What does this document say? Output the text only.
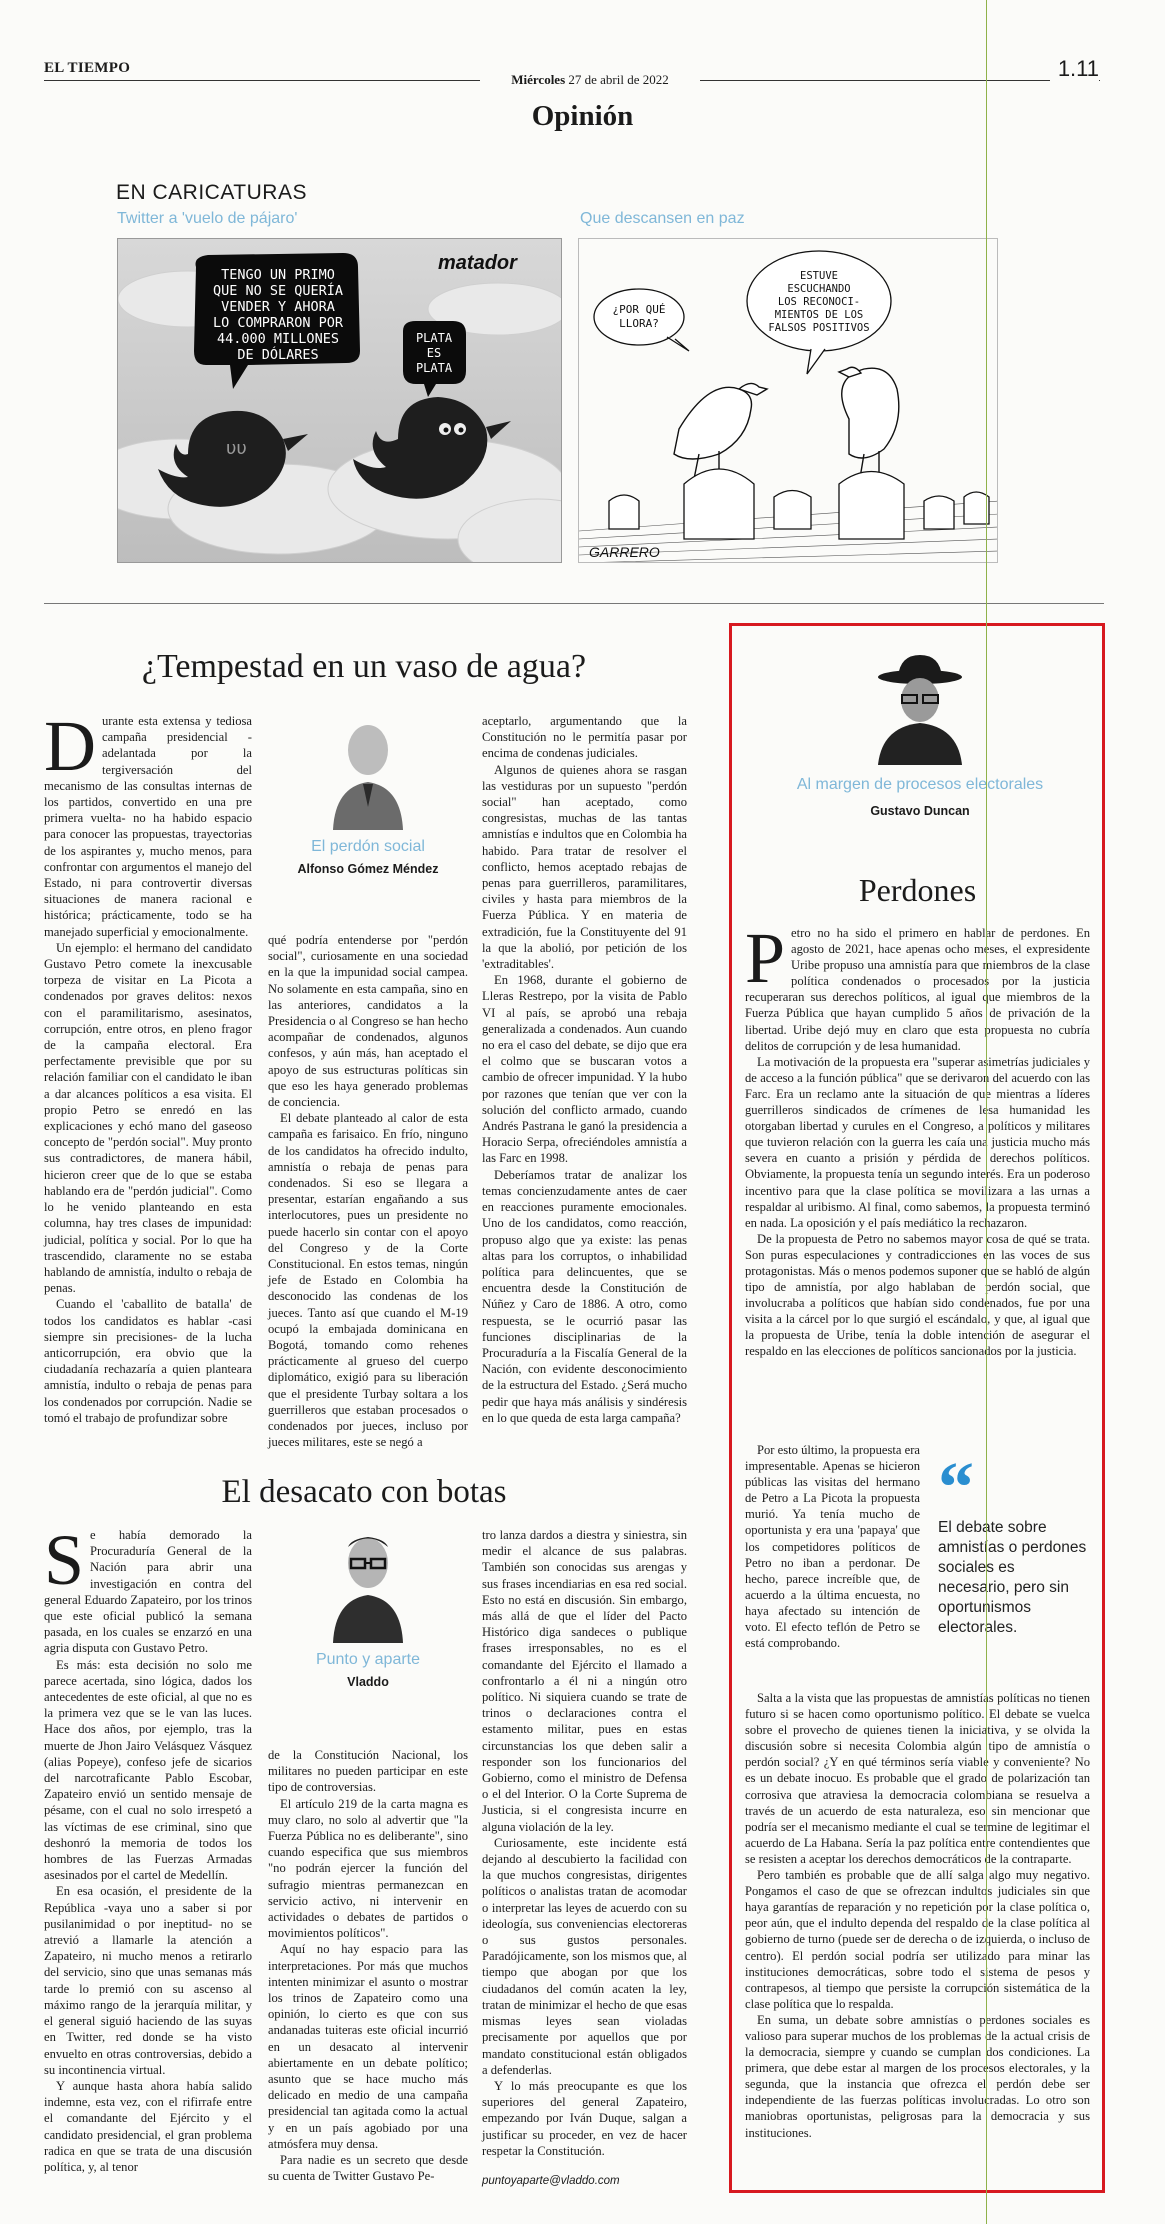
EL TIEMPO
Miércoles 27 de abril de 2022	1.11
Opinión
EN CARICATURAS
Twitter a 'vuelo de pájaro'	Que descansen en paz
TENGO UN PRIMO
QUE NO SE QUERÍA
VENDER Y AHORA
LO COMPRARON POR
44.000 MILLONES
DE DÓLARES
matador
PLATA
ES
PLATA
υυ
¿POR QUÉ
LLORA?
ESTUVE
ESCUCHANDO
LOS RECONOCI-
MIENTOS DE LOS
FALSOS POSITIVOS
GARRERO
¿Tempestad en un vaso de agua?
D urante esta extensa y tediosa campaña presidencial -adelantada por la tergiversación del mecanismo de las consultas internas de los partidos, convertido en una pre primera vuelta- no ha habido espacio para conocer las propuestas, trayectorias de los aspirantes y, mucho menos, para confrontar con argumentos el manejo del Estado, ni para controvertir diversas situaciones de manera racional e histórica; prácticamente, todo se ha manejado superficial y emocionalmente.

Un ejemplo: el hermano del candidato Gustavo Petro comete la inexcusable torpeza de visitar en La Picota a condenados por graves delitos: nexos con el paramilitarismo, asesinatos, corrupción, entre otros, en pleno fragor de la campaña electoral. Era perfectamente previsible que por su relación familiar con el candidato le iban a dar alcances políticos a esa visita. El propio Petro se enredó en las explicaciones y echó mano del gaseoso concepto de "perdón social". Muy pronto sus contradictores, de manera hábil, hicieron creer que de lo que se estaba hablando era de "perdón judicial". Como lo he venido planteando en esta columna, hay tres clases de impunidad: judicial, política y social. Por lo que ha trascendido, claramente no se estaba hablando de amnistía, indulto o rebaja de penas.

Cuando el 'caballito de batalla' de todos los candidatos es hablar -casi siempre sin precisiones- de la lucha anticorrupción, era obvio que la ciudadanía rechazaría a quien planteara amnistía, indulto o rebaja de penas para los condenados por corrupción. Nadie se tomó el trabajo de profundizar sobre

El perdón social
Alfonso Gómez Méndez

qué podría entenderse por "perdón social", curiosamente en una sociedad en la que la impunidad social campea. No solamente en esta campaña, sino en las anteriores, candidatos a la Presidencia o al Congreso se han hecho acompañar de condenados, algunos confesos, y aún más, han aceptado el apoyo de sus estructuras políticas sin que eso les haya generado problemas de conciencia.

El debate planteado al calor de esta campaña es farisaico. En frío, ninguno de los candidatos ha ofrecido indulto, amnistía o rebaja de penas para condenados. Si eso se llegara a presentar, estarían engañando a sus interlocutores, pues un presidente no puede hacerlo sin contar con el apoyo del Congreso y de la Corte Constitucional. En estos temas, ningún jefe de Estado en Colombia ha desconocido las condenas de los jueces. Tanto así que cuando el M-19 ocupó la embajada dominicana en Bogotá, tomando como rehenes prácticamente al grueso del cuerpo diplomático, exigió para su liberación que el presidente Turbay soltara a los guerrilleros que estaban procesados o condenados por jueces, incluso por jueces militares, este se negó a

aceptarlo, argumentando que la Constitución no le permitía pasar por encima de condenas judiciales.

Algunos de quienes ahora se rasgan las vestiduras por un supuesto "perdón social" han aceptado, como congresistas, muchas de las tantas amnistías e indultos que en Colombia ha habido. Para tratar de resolver el conflicto, hemos aceptado rebajas de penas para guerrilleros, paramilitares, civiles y hasta para miembros de la Fuerza Pública. Y en materia de extradición, fue la Constituyente del 91 la que la abolió, por petición de los 'extraditables'.

En 1968, durante el gobierno de Lleras Restrepo, por la visita de Pablo VI al país, se aprobó una rebaja generalizada a condenados. Aun cuando no era el caso del debate, se dijo que era el colmo que se buscaran votos a cambio de ofrecer impunidad. Y la hubo por razones que tenían que ver con la solución del conflicto armado, cuando Andrés Pastrana le ganó la presidencia a Horacio Serpa, ofreciéndoles amnistía a las Farc en 1998.

Deberíamos tratar de analizar los temas concienzudamente antes de caer en reacciones puramente emocionales. Uno de los candidatos, como reacción, propuso algo que ya existe: las penas altas para los corruptos, o inhabilidad política para delincuentes, que se encuentra desde la Constitución de Núñez y Caro de 1886. A otro, como respuesta, se le ocurrió pasar las funciones disciplinarias de la Procuraduría a la Fiscalía General de la Nación, con evidente desconocimiento de la estructura del Estado. ¿Será mucho pedir que haya más análisis y sindéresis en lo que queda de esta larga campaña?

El desacato con botas
S e había demorado la Procuraduría General de la Nación para abrir una investigación en contra del general Eduardo Zapateiro, por los trinos que este oficial publicó la semana pasada, en los cuales se enzarzó en una agria disputa con Gustavo Petro.

Es más: esta decisión no solo me parece acertada, sino lógica, dados los antecedentes de este oficial, al que no es la primera vez que se le van las luces. Hace dos años, por ejemplo, tras la muerte de Jhon Jairo Velásquez Vásquez (alias Popeye), confeso jefe de sicarios del narcotraficante Pablo Escobar, Zapateiro envió un sentido mensaje de pésame, con el cual no solo irrespetó a las víctimas de ese criminal, sino que deshonró la memoria de todos los hombres de las Fuerzas Armadas asesinados por el cartel de Medellín.

En esa ocasión, el presidente de la República -vaya uno a saber si por pusilanimidad o por ineptitud- no se atrevió a llamarle la atención a Zapateiro, ni mucho menos a retirarlo del servicio, sino que unas semanas más tarde lo premió con su ascenso al máximo rango de la jerarquía militar, y el general siguió haciendo de las suyas en Twitter, red donde se ha visto envuelto en otras controversias, debido a su incontinencia virtual.

Y aunque hasta ahora había salido indemne, esta vez, con el rifirrafe entre el comandante del Ejército y el candidato presidencial, el gran problema radica en que se trata de una discusión política, y, al tenor

Punto y aparte
Vladdo

de la Constitución Nacional, los militares no pueden participar en este tipo de controversias.

El artículo 219 de la carta magna es muy claro, no solo al advertir que "la Fuerza Pública no es deliberante", sino cuando especifica que sus miembros "no podrán ejercer la función del sufragio mientras permanezcan en servicio activo, ni intervenir en actividades o debates de partidos o movimientos políticos".

Aquí no hay espacio para las interpretaciones. Por más que muchos intenten minimizar el asunto o mostrar los trinos de Zapateiro como una opinión, lo cierto es que con sus andanadas tuiteras este oficial incurrió en un desacato al intervenir abiertamente en un debate político; asunto que se hace mucho más delicado en medio de una campaña presidencial tan agitada como la actual y en un país agobiado por una atmósfera muy densa.

Para nadie es un secreto que desde su cuenta de Twitter Gustavo Pe-

tro lanza dardos a diestra y siniestra, sin medir el alcance de sus palabras. También son conocidas sus arengas y sus frases incendiarias en esa red social. Esto no está en discusión. Sin embargo, más allá de que el líder del Pacto Histórico diga sandeces o publique frases irresponsables, no es el comandante del Ejército el llamado a confrontarlo a él ni a ningún otro político. Ni siquiera cuando se trate de trinos o declaraciones contra el estamento militar, pues en estas circunstancias los que deben salir a responder son los funcionarios del Gobierno, como el ministro de Defensa o el del Interior. O la Corte Suprema de Justicia, si el congresista incurre en alguna violación de la ley.

Curiosamente, este incidente está dejando al descubierto la facilidad con la que muchos congresistas, dirigentes políticos o analistas tratan de acomodar o interpretar las leyes de acuerdo con su ideología, sus conveniencias electoreras o sus gustos personales. Paradójicamente, son los mismos que, al tiempo que abogan por que los ciudadanos del común acaten la ley, tratan de minimizar el hecho de que esas mismas leyes sean violadas precisamente por aquellos que por mandato constitucional están obligados a defenderlas.

Y lo más preocupante es que los superiores del general Zapateiro, empezando por Iván Duque, salgan a justificar su proceder, en vez de hacer respetar la Constitución.

puntoyaparte@vladdo.com

Al margen de procesos electorales
Gustavo Duncan
Perdones
P etro no ha sido el primero en hablar de perdones. En agosto de 2021, hace apenas ocho meses, el expresidente Uribe propuso una amnistía para que miembros de la clase política condenados o procesados por la justicia recuperaran sus derechos políticos, al igual que miembros de la Fuerza Pública que hayan cumplido 5 años de privación de la libertad. Uribe dejó muy en claro que esta propuesta no cubría delitos de corrupción y de lesa humanidad.

La motivación de la propuesta era "superar asimetrías judiciales y de acceso a la función pública" que se derivaron del acuerdo con las Farc. Era un reclamo ante la situación de que mientras a líderes guerrilleros sindicados de crímenes de lesa humanidad les otorgaban libertad y curules en el Congreso, a políticos y militares que tuvieron relación con la guerra les caía una justicia mucho más severa en cuanto a prisión y pérdida de derechos políticos. Obviamente, la propuesta tenía un segundo interés. Era un poderoso incentivo para que la clase política se movilizara a las urnas a respaldar al uribismo. Al final, como sabemos, la propuesta terminó en nada. La oposición y el país mediático la rechazaron.

De la propuesta de Petro no sabemos mayor cosa de qué se trata. Son puras especulaciones y contradicciones en las voces de sus protagonistas. Más o menos podemos suponer que se habló de algún tipo de amnistía, por algo hablaban de perdón social, que involucraba a políticos que habían sido condenados, fue por una visita a la cárcel por lo que surgió el escándalo, y que, al igual que la propuesta de Uribe, tenía la doble intención de asegurar el respaldo en las elecciones de políticos sancionados por la justicia.

Por esto último, la propuesta era impresentable. Apenas se hicieron públicas las visitas del hermano de Petro a La Picota la propuesta murió. Ya tenía mucho de oportunista y era una 'papaya' que los competidores políticos de Petro no iban a perdonar. De hecho, parece increíble que, de acuerdo a la última encuesta, no haya afectado su intención de voto. El efecto teflón de Petro se está comprobando.

“
El debate sobre amnistías o perdones sociales es necesario, pero sin oportunismos electorales.

Salta a la vista que las propuestas de amnistías políticas no tienen futuro si se hacen como oportunismo político. El debate se vuelca sobre el provecho de quienes tienen la iniciativa, y se olvida la discusión sobre si necesita Colombia algún tipo de amnistía o perdón social? ¿Y en qué términos sería viable y conveniente? No es un debate inocuo. Es probable que el grado de polarización tan corrosiva que atraviesa la democracia colombiana se resuelva a través de un acuerdo de esta naturaleza, eso sin mencionar que podría ser el mecanismo mediante el cual se termine de legitimar el acuerdo de La Habana. Sería la paz política entre contendientes que se resisten a aceptar los derechos democráticos de la contraparte.

Pero también es probable que de allí salga algo muy negativo. Pongamos el caso de que se ofrezcan indultos judiciales sin que haya garantías de reparación y no repetición por la clase política o, peor aún, que el indulto dependa del respaldo de la clase política al gobierno de turno (puede ser de derecha o de izquierda, o incluso de centro). El perdón social podría ser utilizado para minar las instituciones democráticas, sobre todo el sistema de pesos y contrapesos, al tiempo que persiste la corrupción sistemática de la clase política que lo respalda.

En suma, un debate sobre amnistías o perdones sociales es valioso para superar muchos de los problemas de la actual crisis de la democracia, siempre y cuando se cumplan dos condiciones. La primera, que debe estar al margen de los procesos electorales, y la segunda, que la instancia que ofrezca el perdón debe ser independiente de las fuerzas políticas involucradas. Lo otro son maniobras oportunistas, peligrosas para la democracia y sus instituciones.
